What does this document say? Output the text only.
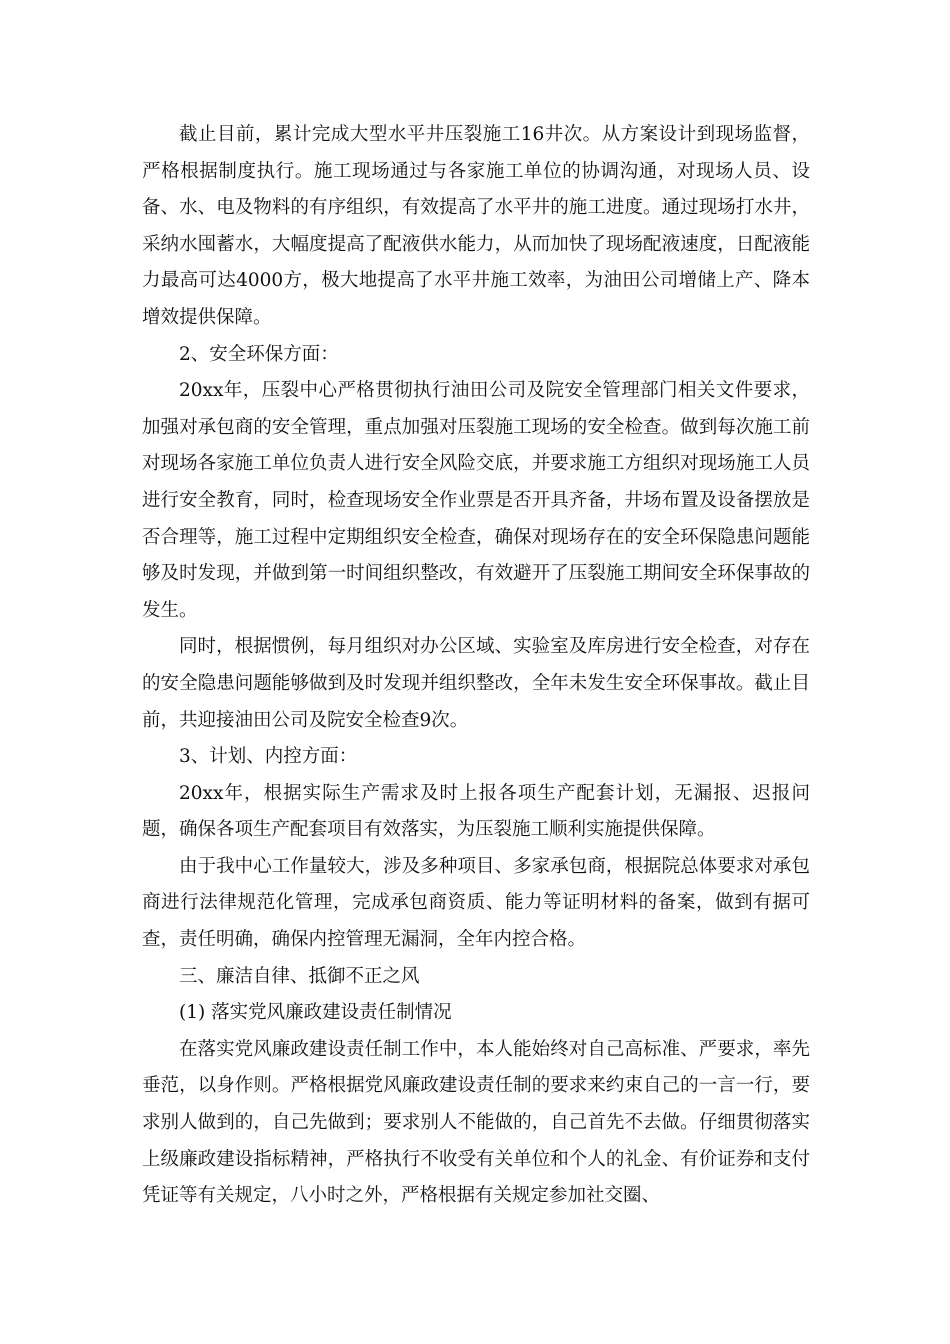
截止目前，累计完成大型水平井压裂施工16井次。从方案设计到现场监督，严格根据制度执行。施工现场通过与各家施工单位的协调沟通，对现场人员、设备、水、电及物料的有序组织，有效提高了水平井的施工进度。通过现场打水井，采纳水囤蓄水，大幅度提高了配液供水能力，从而加快了现场配液速度，日配液能力最高可达4000方，极大地提高了水平井施工效率，为油田公司增储上产、降本增效提供保障。

2、安全环保方面：

20xx年，压裂中心严格贯彻执行油田公司及院安全管理部门相关文件要求，加强对承包商的安全管理，重点加强对压裂施工现场的安全检查。做到每次施工前对现场各家施工单位负责人进行安全风险交底，并要求施工方组织对现场施工人员进行安全教育，同时，检查现场安全作业票是否开具齐备，井场布置及设备摆放是否合理等，施工过程中定期组织安全检查，确保对现场存在的安全环保隐患问题能够及时发现，并做到第一时间组织整改，有效避开了压裂施工期间安全环保事故的发生。

同时，根据惯例，每月组织对办公区域、实验室及库房进行安全检查，对存在的安全隐患问题能够做到及时发现并组织整改，全年未发生安全环保事故。截止目前，共迎接油田公司及院安全检查9次。

3、计划、内控方面：

20xx年，根据实际生产需求及时上报各项生产配套计划，无漏报、迟报问题，确保各项生产配套项目有效落实，为压裂施工顺利实施提供保障。

由于我中心工作量较大，涉及多种项目、多家承包商，根据院总体要求对承包商进行法律规范化管理，完成承包商资质、能力等证明材料的备案，做到有据可查，责任明确，确保内控管理无漏洞，全年内控合格。

三、廉洁自律、抵御不正之风

(1) 落实党风廉政建设责任制情况

在落实党风廉政建设责任制工作中，本人能始终对自己高标准、严要求，率先垂范，以身作则。严格根据党风廉政建设责任制的要求来约束自己的一言一行，要求别人做到的，自己先做到；要求别人不能做的，自己首先不去做。仔细贯彻落实上级廉政建设指标精神，严格执行不收受有关单位和个人的礼金、有价证券和支付凭证等有关规定，八小时之外，严格根据有关规定参加社交圈、
